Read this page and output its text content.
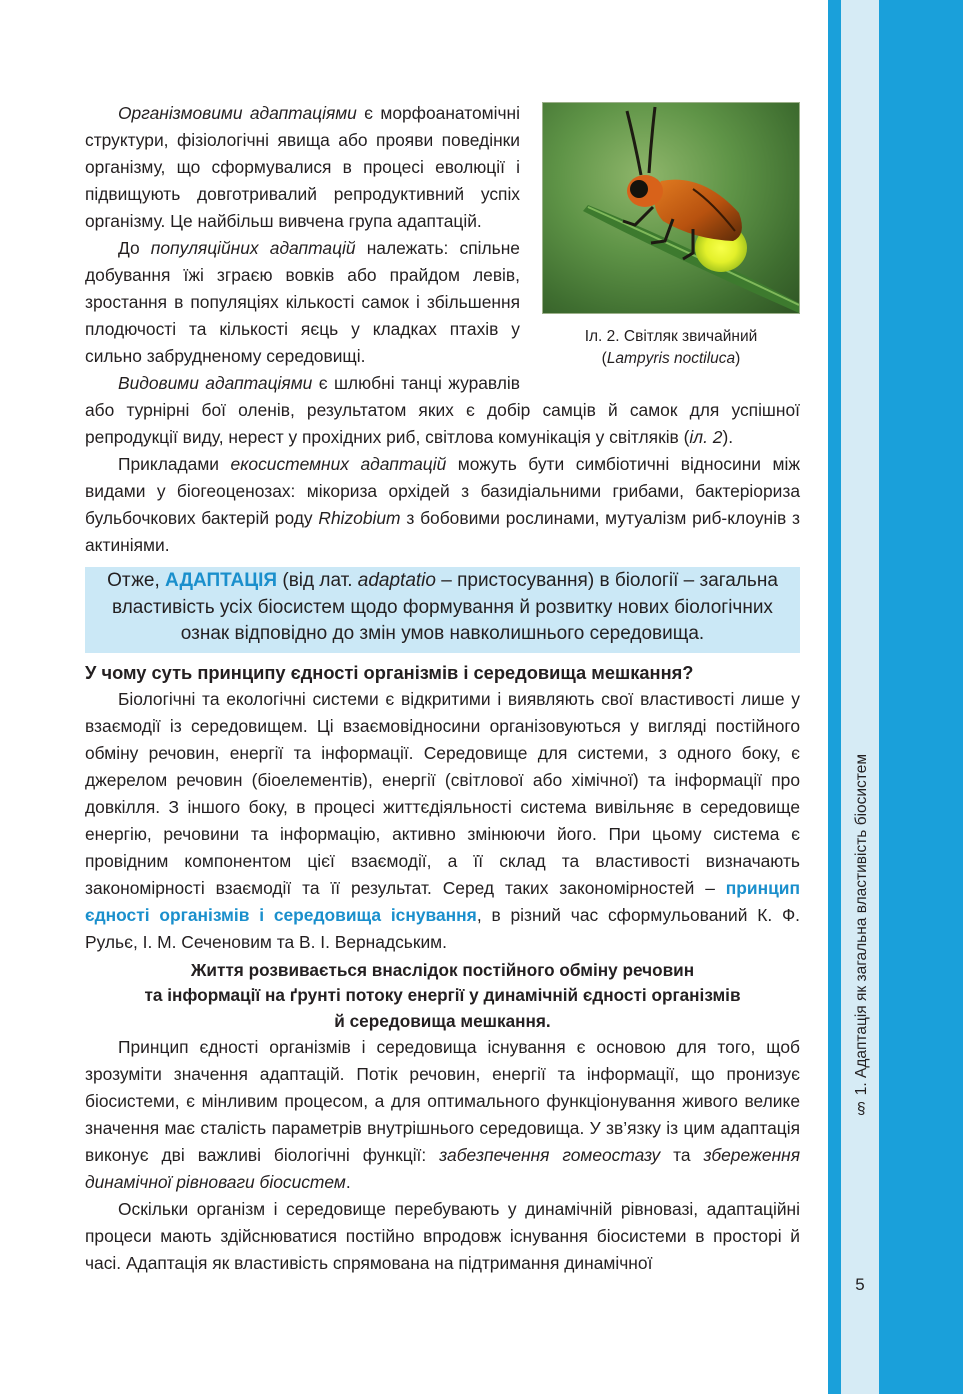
§ 1. Адаптація як загальна властивість біосистем
5
Іл. 2. Світляк звичайний
(Lampyris noctiluca)

Організмовими адаптаціями є морфоанатомічні структури, фізіологічні явища або прояви поведінки організму, що сформувалися в процесі еволюції і підвищують довготривалий репродуктивний успіх організму. Це найбільш вивчена група адаптацій.

До популяційних адаптацій належать: спільне добування їжі зграєю вовків або прайдом левів, зростання в популяціях кількості самок і збільшення плодючості та кількості яєць у кладках птахів у сильно забрудненому середовищі.

Видовими адаптаціями є шлюбні танці журавлів або турнірні бої оленів, результатом яких є добір самців й самок для успішної репродукції виду, нерест у прохідних риб, світлова комунікація у світляків (іл. 2).

Прикладами екосистемних адаптацій можуть бути симбіотичні відносини між видами у біогеоценозах: мікориза орхідей з базидіальними грибами, бактеріориза бульбочкових бактерій роду Rhizobium з бобовими рослинами, мутуалізм риб-клоунів з актиніями.

Отже, АДАПТАЦІЯ (від лат. adaptatio – пристосування) в біології – загальна властивість усіх біосистем щодо формування й розвитку нових біологічних ознак відповідно до змін умов навколишнього середовища.
У чому суть принципу єдності організмів і середовища мешкання?

Біологічні та екологічні системи є відкритими і виявляють свої властивості лише у взаємодії із середовищем. Ці взаємовідносини організовуються у вигляді постійного обміну речовин, енергії та інформації. Середовище для системи, з одного боку, є джерелом речовин (біоелементів), енергії (світлової або хімічної) та інформації про довкілля. З іншого боку, в процесі життєдіяльності система вивільняє в середовище енергію, речовини та інформацію, активно змінюючи його. При цьому система є провідним компонентом цієї взаємодії, а її склад та властивості визначають закономірності взаємодії та її результат. Серед таких закономірностей – принцип єдності організмів і середовища існування, в різний час сформульований К. Ф. Рульє, І. М. Сеченовим та В. І. Вернадським.

Життя розвивається внаслідок постійного обміну речовин
та інформації на ґрунті потоку енергії у динамічній єдності організмів
й середовища мешкання.

Принцип єдності організмів і середовища існування є основою для того, щоб зрозуміти значення адаптацій. Потік речовин, енергії та інформації, що пронизує біосистеми, є мінливим процесом, а для оптимального функціонування живого велике значення має сталість параметрів внутрішнього середовища. У зв’язку із цим адаптація виконує дві важливі біологічні функції: забезпечення гомеостазу та збереження динамічної рівноваги біосистем.

Оскільки організм і середовище перебувають у динамічній рівновазі, адаптаційні процеси мають здійснюватися постійно впродовж існування біосистеми в просторі й часі. Адаптація як властивість спрямована на підтримання динамічної
